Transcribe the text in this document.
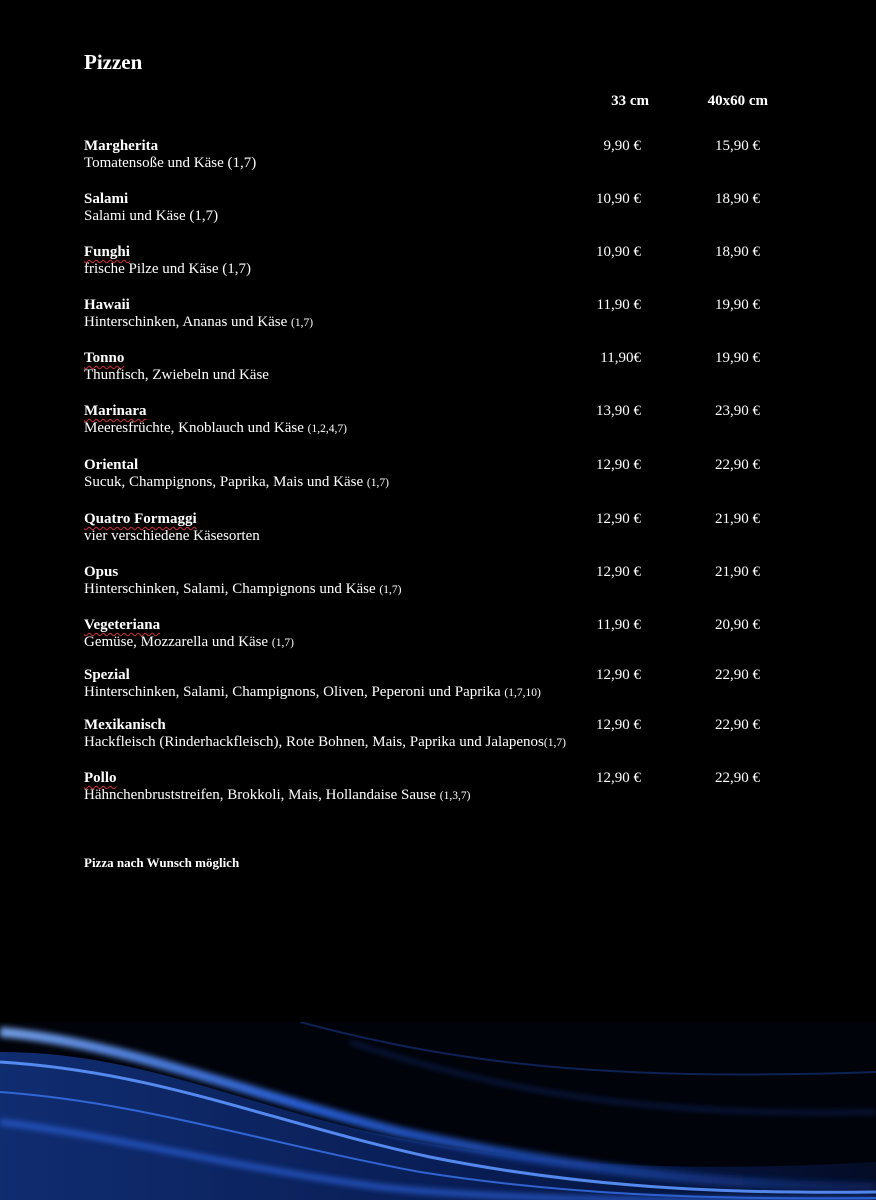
Pizzen
33 cm	40x60 cm
Margherita
Tomatensoße und Käse (1,7)
9,90 €	15,90 €
Salami
Salami und Käse (1,7)
10,90 €	18,90 €
Funghi
frische Pilze und Käse (1,7)
10,90 €	18,90 €
Hawaii
Hinterschinken, Ananas und Käse (1,7)
11,90 €	19,90 €
Tonno
Thunfisch, Zwiebeln und Käse
11,90€	19,90 €
Marinara
Meeresfrüchte, Knoblauch und Käse (1,2,4,7)
13,90 €	23,90 €
Oriental
Sucuk, Champignons, Paprika, Mais und Käse (1,7)
12,90 €	22,90 €
Quatro Formaggi
vier verschiedene Käsesorten
12,90 €	21,90 €
Opus
Hinterschinken, Salami, Champignons und Käse (1,7)
12,90 €	21,90 €
Vegeteriana
Gemüse, Mozzarella und Käse (1,7)
11,90 €	20,90 €
Spezial
Hinterschinken, Salami, Champignons, Oliven, Peperoni und Paprika (1,7,10)
12,90 €	22,90 €
Mexikanisch
Hackfleisch (Rinderhackfleisch), Rote Bohnen, Mais, Paprika und Jalapenos(1,7)
12,90 €	22,90 €
Pollo
Hähnchenbruststreifen, Brokkoli, Mais, Hollandaise Sause (1,3,7)
12,90 €	22,90 €
Pizza nach Wunsch möglich
